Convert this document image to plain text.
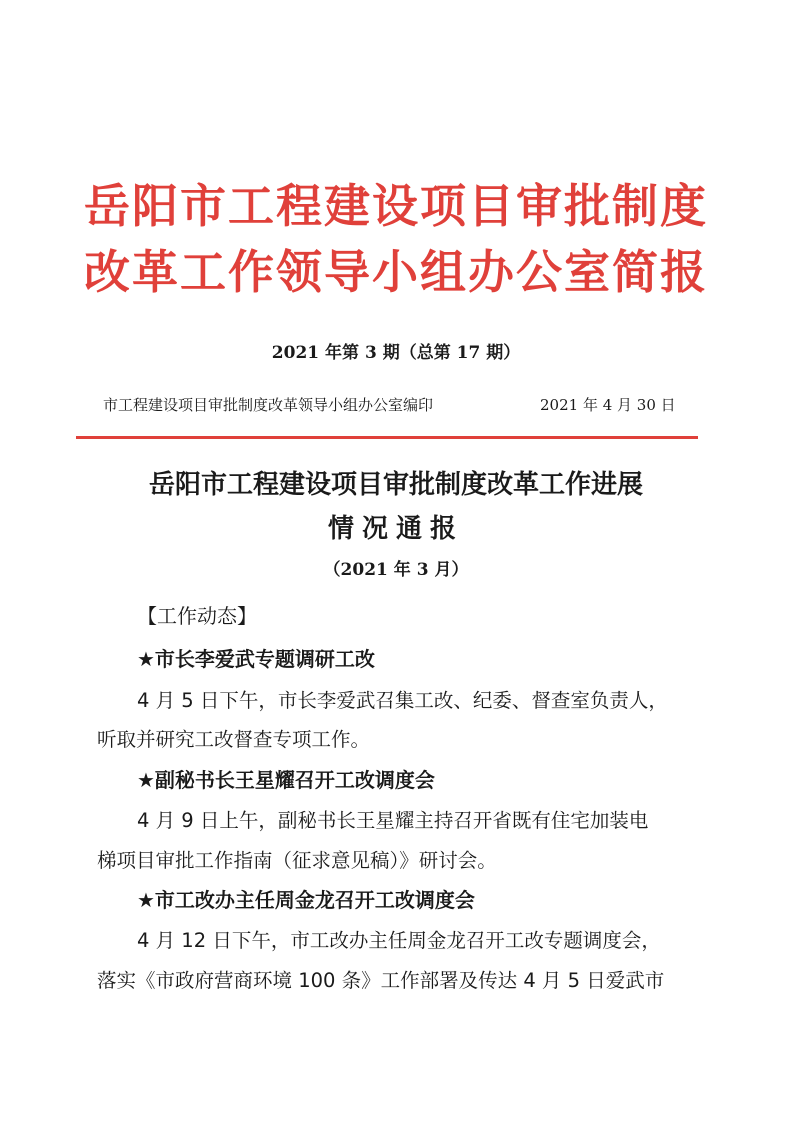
岳阳市工程建设项目审批制度
改革工作领导小组办公室简报
2021 年第 3 期（总第 17 期）
市工程建设项目审批制度改革领导小组办公室编印	2021 年 4 月 30 日
岳阳市工程建设项目审批制度改革工作进展
情况通报
（2021 年 3 月）
【工作动态】
★市长李爱武专题调研工改
4 月 5 日下午，市长李爱武召集工改、纪委、督查室负责人，
听取并研究工改督查专项工作。
★副秘书长王星耀召开工改调度会
4 月 9 日上午，副秘书长王星耀主持召开省既有住宅加装电
梯项目审批工作指南（征求意见稿）》研讨会。
★市工改办主任周金龙召开工改调度会
4 月 12 日下午，市工改办主任周金龙召开工改专题调度会，
落实《市政府营商环境 100 条》工作部署及传达 4 月 5 日爱武市
